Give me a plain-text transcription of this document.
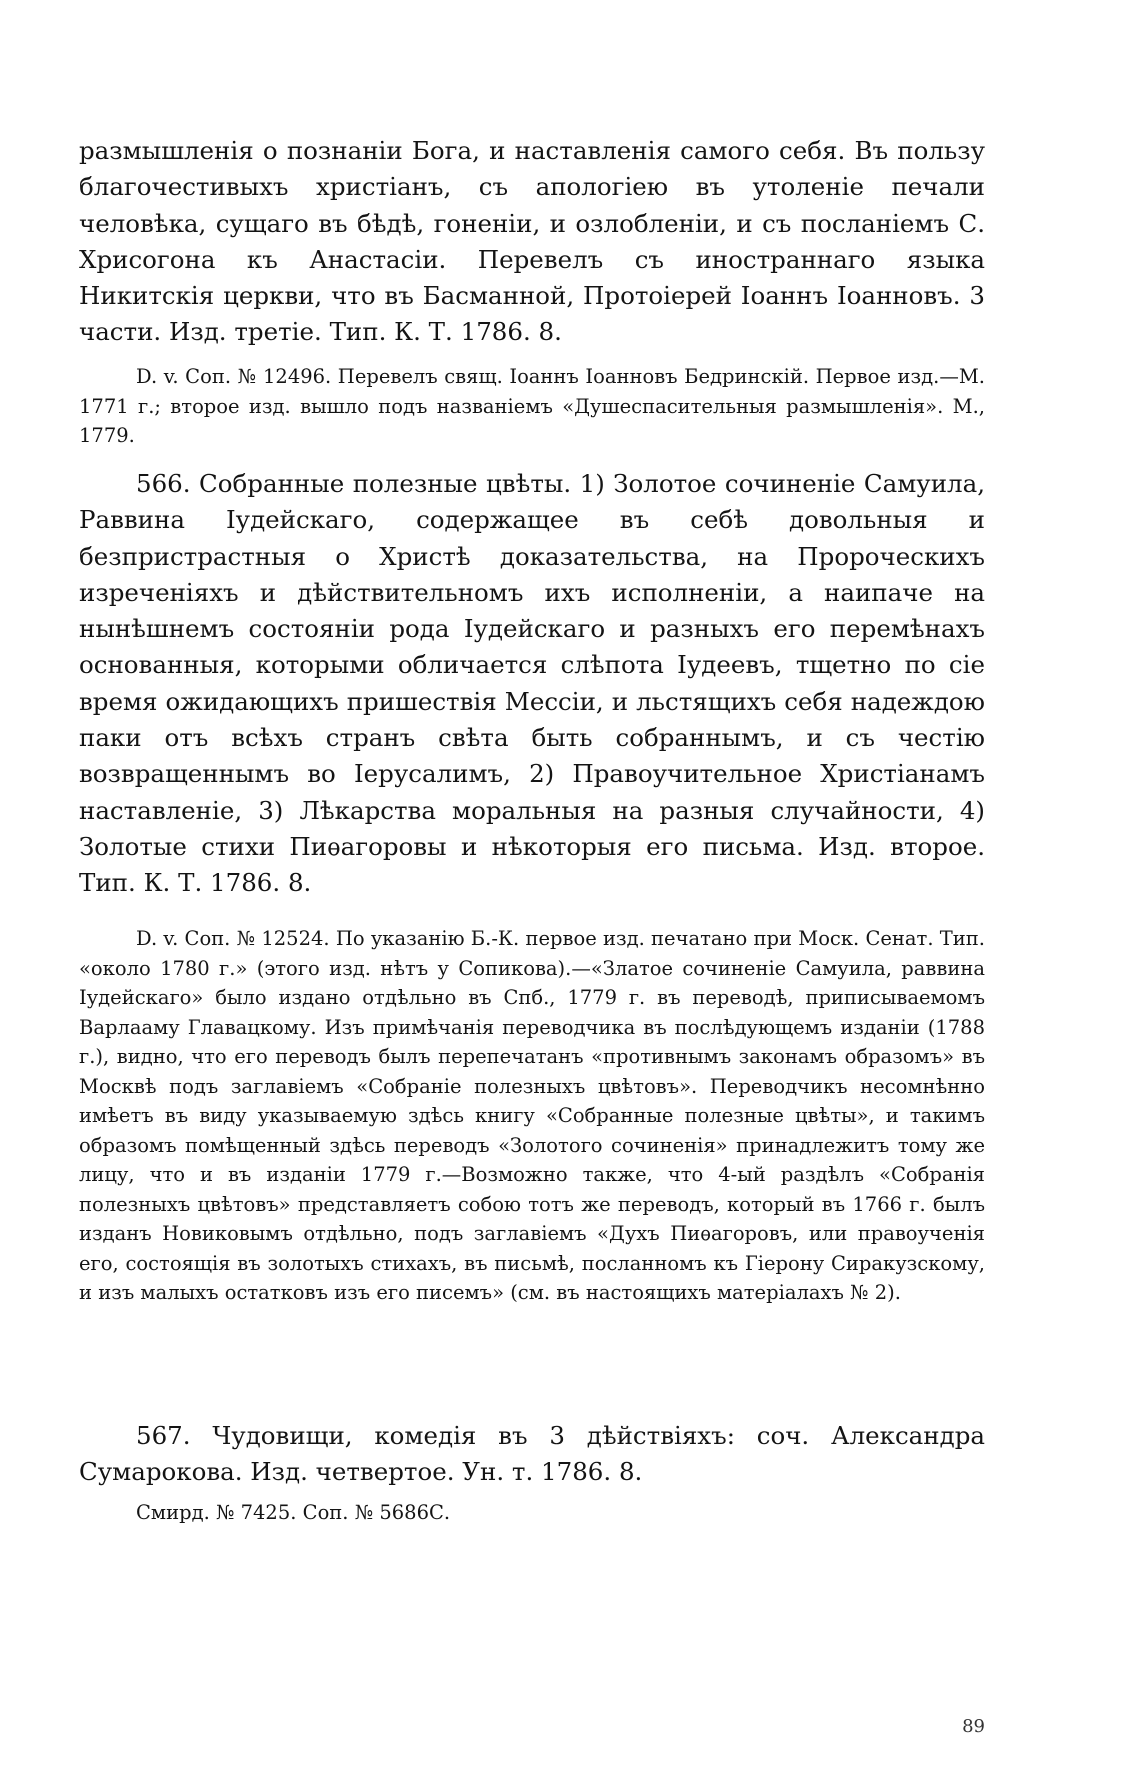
размышленія о познаніи Бога, и наставленія самого себя. Въ пользу благочестивыхъ христіанъ, съ апологіею въ утоленіе печали человѣка, сущаго въ бѣдѣ, гоненіи, и озлобленіи, и съ посланіемъ С. Хрисогона къ Анастасіи. Перевелъ съ иностраннаго языка Никитскія церкви, что въ Басманной, Протоіерей Іоаннъ Іоанновъ. 3 части. Изд. третіе. Тип. К. Т. 1786. 8.

D. v. Соп. № 12496. Перевелъ свящ. Іоаннъ Іоанновъ Бедринскій. Первое изд.—М. 1771 г.; второе изд. вышло подъ названіемъ «Душеспасительныя размышленія». М., 1779.

566. Собранные полезные цвѣты. 1) Золотое сочиненіе Самуила, Раввина Іудейскаго, содержащее въ себѣ довольныя и безпристрастныя о Христѣ доказательства, на Пророческихъ изреченіяхъ и дѣйствительномъ ихъ исполненіи, а наипаче на нынѣшнемъ состояніи рода Іудейскаго и разныхъ его перемѣнахъ основанныя, которыми обличается слѣпота Іудеевъ, тщетно по сіе время ожидающихъ пришествія Мессіи, и льстящихъ себя надеждою паки отъ всѣхъ странъ свѣта быть собраннымъ, и съ честію возвращеннымъ во Іерусалимъ, 2) Правоучительное Христіанамъ наставленіе, 3) Лѣкарства моральныя на разныя случайности, 4) Золотые стихи Пиѳагоровы и нѣкоторыя его письма. Изд. второе. Тип. К. Т. 1786. 8.

D. v. Соп. № 12524. По указанію Б.-К. первое изд. печатано при Моск. Сенат. Тип. «около 1780 г.» (этого изд. нѣтъ у Сопикова).—«Златое сочиненіе Самуила, раввина Іудейскаго» было издано отдѣльно въ Спб., 1779 г. въ переводѣ, приписываемомъ Варлааму Главацкому. Изъ примѣчанія переводчика въ послѣдующемъ изданіи (1788 г.), видно, что его переводъ былъ перепечатанъ «противнымъ законамъ образомъ» въ Москвѣ подъ заглавіемъ «Собраніе полезныхъ цвѣтовъ». Переводчикъ несомнѣнно имѣетъ въ виду указываемую здѣсь книгу «Собранные полезные цвѣты», и такимъ образомъ помѣщенный здѣсь переводъ «Золотого сочиненія» принадлежитъ тому же лицу, что и въ изданіи 1779 г.—Возможно также, что 4-ый раздѣлъ «Собранія полезныхъ цвѣтовъ» представляетъ собою тотъ же переводъ, который въ 1766 г. былъ изданъ Новиковымъ отдѣльно, подъ заглавіемъ «Духъ Пиѳагоровъ, или правоученія его, состоящія въ золотыхъ стихахъ, въ письмѣ, посланномъ къ Гіерону Сиракузскому, и изъ малыхъ остатковъ изъ его писемъ» (см. въ настоящихъ матеріалахъ № 2).

567. Чудовищи, комедія въ 3 дѣйствіяхъ: соч. Александра Сумарокова. Изд. четвертое. Ун. т. 1786. 8.

Смирд. № 7425. Соп. № 5686С.

89
